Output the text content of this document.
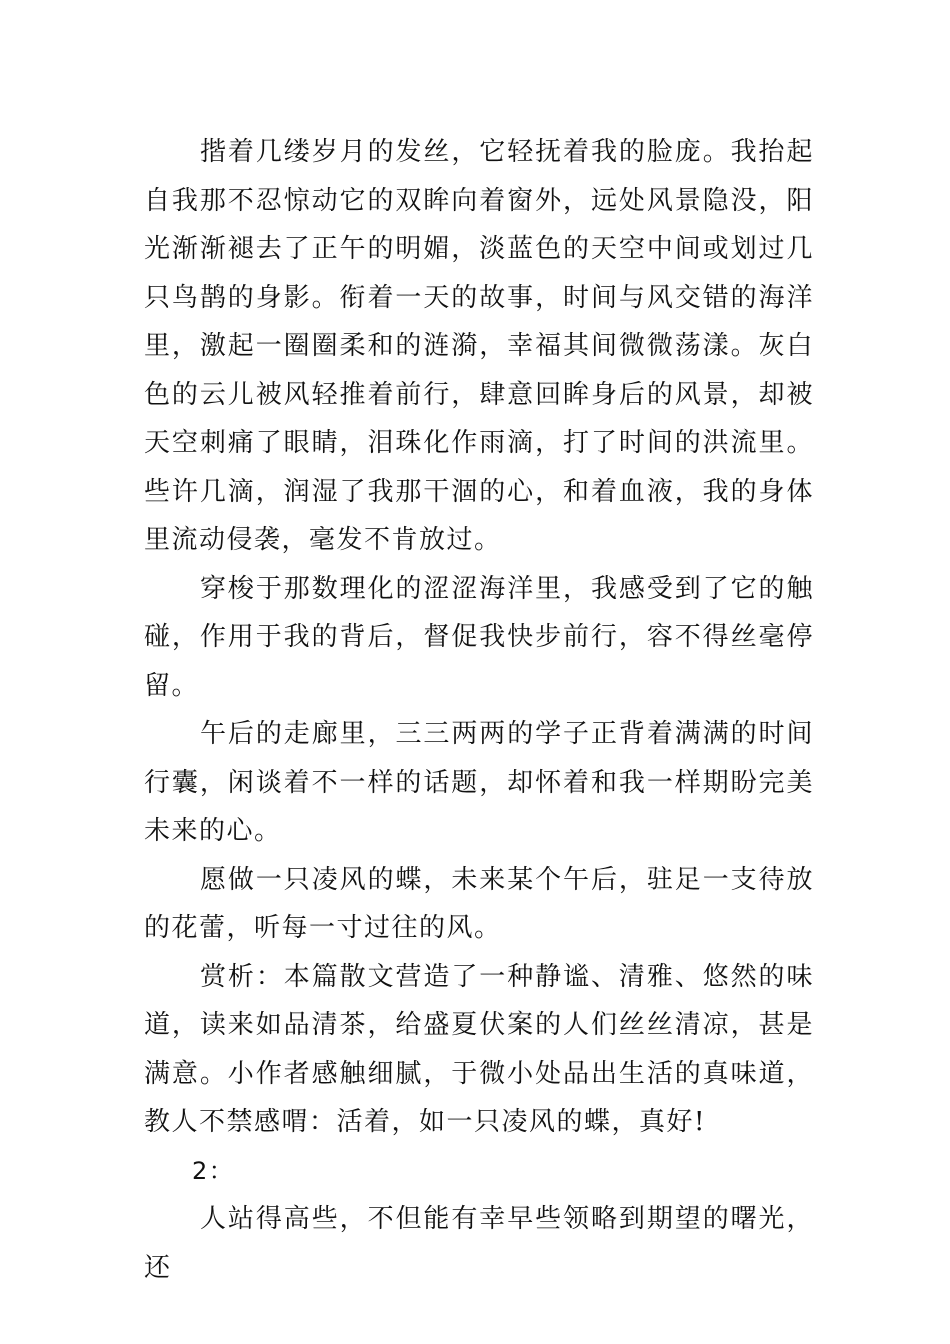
揩着几缕岁月的发丝，它轻抚着我的脸庞。我抬起自我那不忍惊动它的双眸向着窗外，远处风景隐没，阳光渐渐褪去了正午的明媚，淡蓝色的天空中间或划过几只鸟鹊的身影。衔着一天的故事，时间与风交错的海洋里，激起一圈圈柔和的涟漪，幸福其间微微荡漾。灰白色的云儿被风轻推着前行，肆意回眸身后的风景，却被天空刺痛了眼睛，泪珠化作雨滴，打了时间的洪流里。些许几滴，润湿了我那干涸的心，和着血液，我的身体里流动侵袭，毫发不肯放过。

穿梭于那数理化的涩涩海洋里，我感受到了它的触碰，作用于我的背后，督促我快步前行，容不得丝毫停留。

午后的走廊里，三三两两的学子正背着满满的时间行囊，闲谈着不一样的话题，却怀着和我一样期盼完美未来的心。

愿做一只凌风的蝶，未来某个午后，驻足一支待放的花蕾，听每一寸过往的风。

赏析：本篇散文营造了一种静谧、清雅、悠然的味道，读来如品清茶，给盛夏伏案的人们丝丝清凉，甚是满意。小作者感触细腻，于微小处品出生活的真味道，教人不禁感喟：活着，如一只凌风的蝶，真好!

2：

人站得高些，不但能有幸早些领略到期望的曙光，还
